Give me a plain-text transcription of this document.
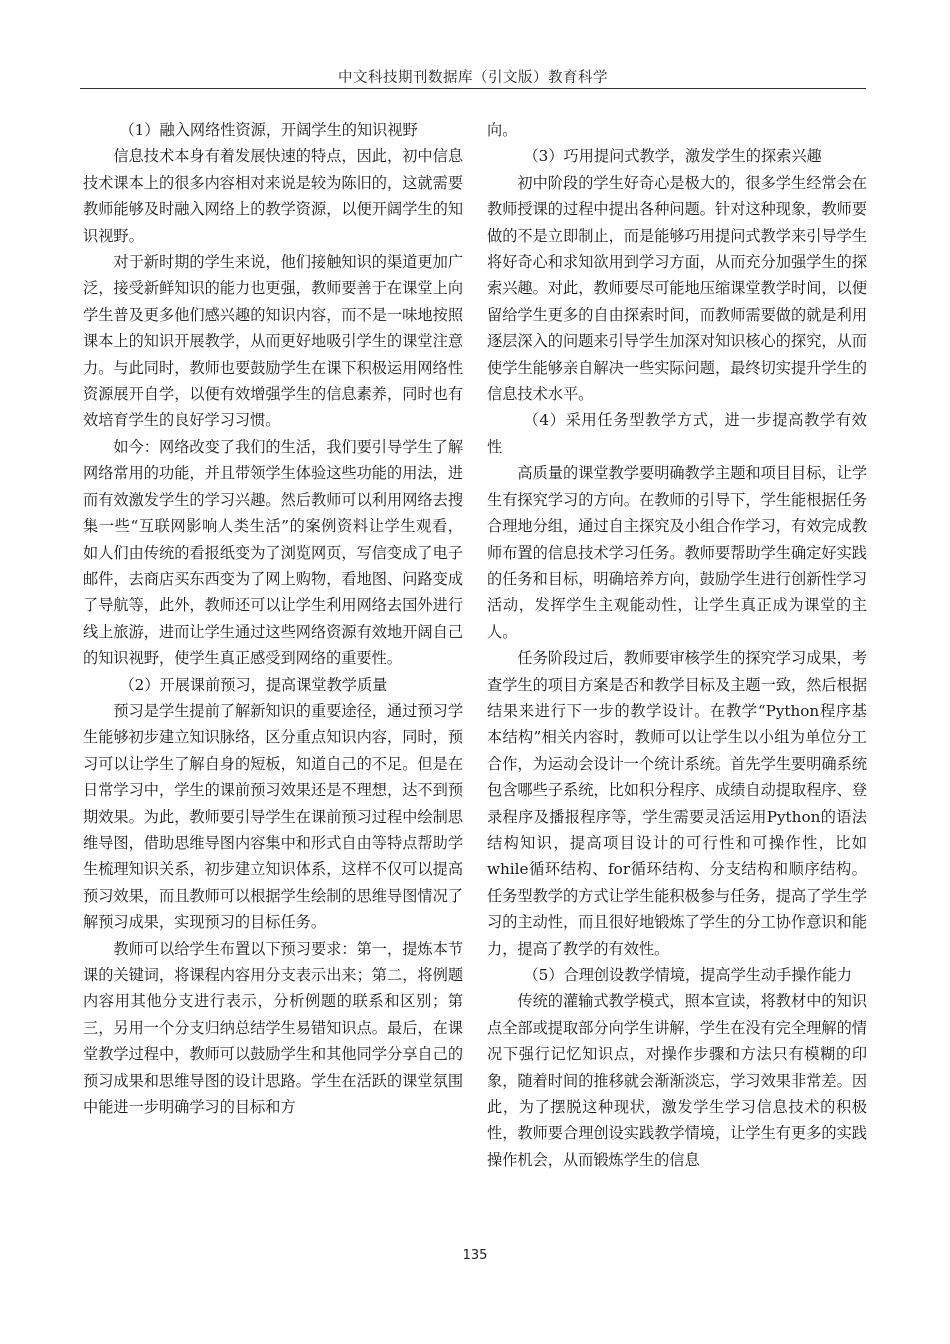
中文科技期刊数据库（引文版）教育科学

（1）融入网络性资源，开阔学生的知识视野

信息技术本身有着发展快速的特点，因此，初中信息技术课本上的很多内容相对来说是较为陈旧的，这就需要教师能够及时融入网络上的教学资源，以便开阔学生的知识视野。

对于新时期的学生来说，他们接触知识的渠道更加广泛，接受新鲜知识的能力也更强，教师要善于在课堂上向学生普及更多他们感兴趣的知识内容，而不是一味地按照课本上的知识开展教学，从而更好地吸引学生的课堂注意力。与此同时，教师也要鼓励学生在课下积极运用网络性资源展开自学，以便有效增强学生的信息素养，同时也有效培育学生的良好学习习惯。

如今：网络改变了我们的生活，我们要引导学生了解网络常用的功能，并且带领学生体验这些功能的用法，进而有效激发学生的学习兴趣。然后教师可以利用网络去搜集一些“互联网影响人类生活”的案例资料让学生观看，如人们由传统的看报纸变为了浏览网页，写信变成了电子邮件，去商店买东西变为了网上购物，看地图、问路变成了导航等，此外，教师还可以让学生利用网络去国外进行线上旅游，进而让学生通过这些网络资源有效地开阔自己的知识视野，使学生真正感受到网络的重要性。

（2）开展课前预习，提高课堂教学质量

预习是学生提前了解新知识的重要途径，通过预习学生能够初步建立知识脉络，区分重点知识内容，同时，预习可以让学生了解自身的短板，知道自己的不足。但是在日常学习中，学生的课前预习效果还是不理想，达不到预期效果。为此，教师要引导学生在课前预习过程中绘制思维导图，借助思维导图内容集中和形式自由等特点帮助学生梳理知识关系，初步建立知识体系，这样不仅可以提高预习效果，而且教师可以根据学生绘制的思维导图情况了解预习成果，实现预习的目标任务。

教师可以给学生布置以下预习要求：第一，提炼本节课的关键词，将课程内容用分支表示出来；第二，将例题内容用其他分支进行表示，分析例题的联系和区别；第三，另用一个分支归纳总结学生易错知识点。最后，在课堂教学过程中，教师可以鼓励学生和其他同学分享自己的预习成果和思维导图的设计思路。学生在活跃的课堂氛围中能进一步明确学习的目标和方

向。

（3）巧用提问式教学，激发学生的探索兴趣

初中阶段的学生好奇心是极大的，很多学生经常会在教师授课的过程中提出各种问题。针对这种现象，教师要做的不是立即制止，而是能够巧用提问式教学来引导学生将好奇心和求知欲用到学习方面，从而充分加强学生的探索兴趣。对此，教师要尽可能地压缩课堂教学时间，以便留给学生更多的自由探索时间，而教师需要做的就是利用逐层深入的问题来引导学生加深对知识核心的探究，从而使学生能够亲自解决一些实际问题，最终切实提升学生的信息技术水平。

（4）采用任务型教学方式，进一步提高教学有效性

高质量的课堂教学要明确教学主题和项目目标，让学生有探究学习的方向。在教师的引导下，学生能根据任务合理地分组，通过自主探究及小组合作学习，有效完成教师布置的信息技术学习任务。教师要帮助学生确定好实践的任务和目标，明确培养方向，鼓励学生进行创新性学习活动，发挥学生主观能动性，让学生真正成为课堂的主人。

任务阶段过后，教师要审核学生的探究学习成果，考查学生的项目方案是否和教学目标及主题一致，然后根据结果来进行下一步的教学设计。在教学“Python程序基本结构”相关内容时，教师可以让学生以小组为单位分工合作，为运动会设计一个统计系统。首先学生要明确系统包含哪些子系统，比如积分程序、成绩自动提取程序、登录程序及播报程序等，学生需要灵活运用Python的语法结构知识，提高项目设计的可行性和可操作性，比如while循环结构、for循环结构、分支结构和顺序结构。任务型教学的方式让学生能积极参与任务，提高了学生学习的主动性，而且很好地锻炼了学生的分工协作意识和能力，提高了教学的有效性。

（5）合理创设教学情境，提高学生动手操作能力

传统的灌输式教学模式，照本宣读，将教材中的知识点全部或提取部分向学生讲解，学生在没有完全理解的情况下强行记忆知识点，对操作步骤和方法只有模糊的印象，随着时间的推移就会渐渐淡忘，学习效果非常差。因此，为了摆脱这种现状，激发学生学习信息技术的积极性，教师要合理创设实践教学情境，让学生有更多的实践操作机会，从而锻炼学生的信息

135
